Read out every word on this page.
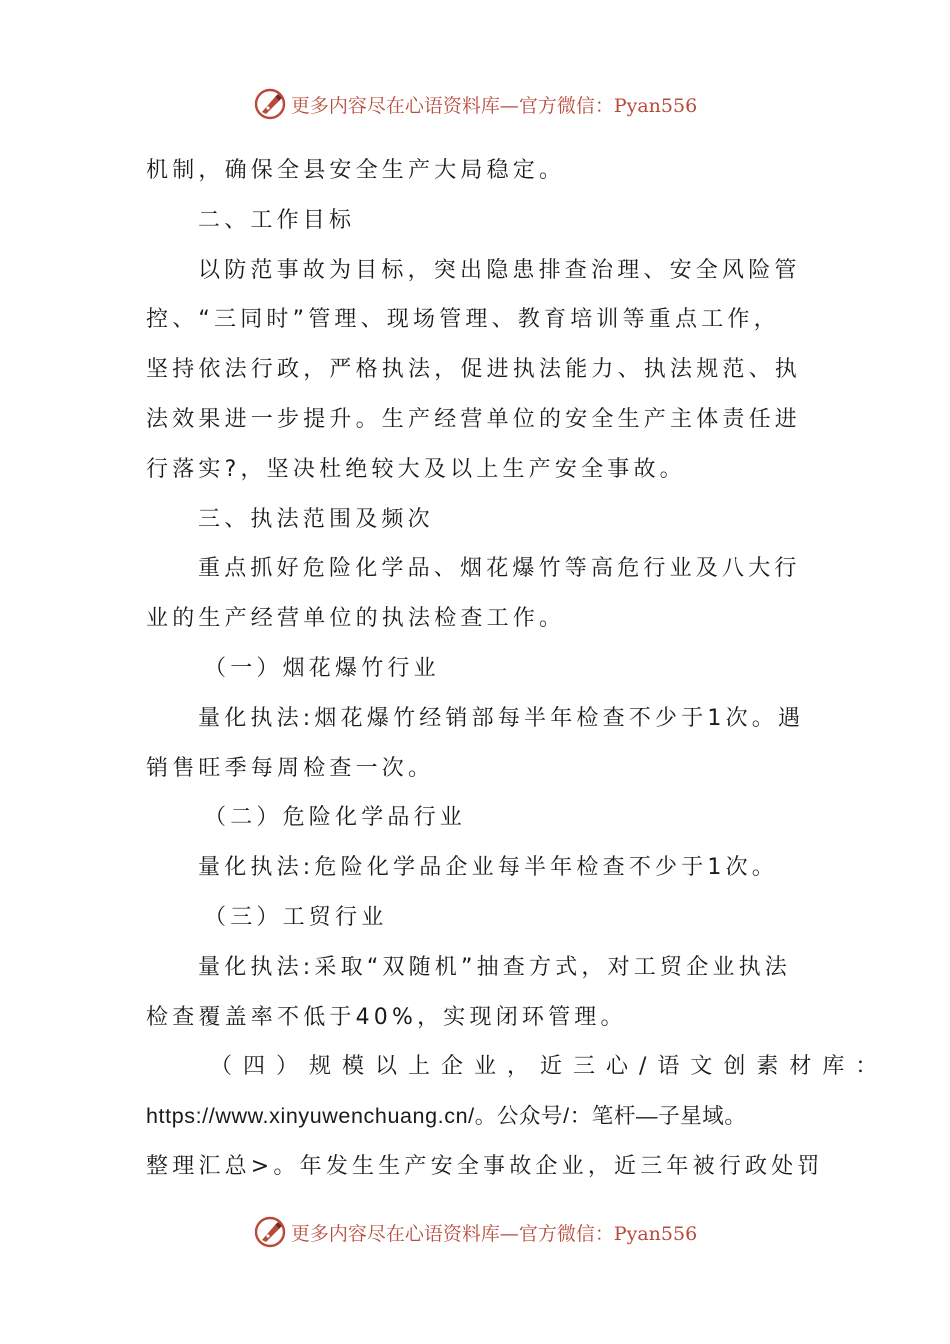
更多内容尽在心语资料库—官方微信：Pyan556
机制，确保全县安全生产大局稳定。
二、工作目标
以防范事故为目标，突出隐患排查治理、安全风险管
控、“三同时”管理、现场管理、教育培训等重点工作，
坚持依法行政，严格执法，促进执法能力、执法规范、执
法效果进一步提升。生产经营单位的安全生产主体责任进
行落实?，坚决杜绝较大及以上生产安全事故。
三、执法范围及频次
重点抓好危险化学品、烟花爆竹等高危行业及八大行
业的生产经营单位的执法检查工作。
（一）烟花爆竹行业
量化执法:烟花爆竹经销部每半年检查不少于1次。遇
销售旺季每周检查一次。
（二）危险化学品行业
量化执法:危险化学品企业每半年检查不少于1次。
（三）工贸行业
量化执法:采取“双随机”抽查方式，对工贸企业执法
检查覆盖率不低于40%，实现闭环管理。
（四）规模以上企业，近三心/语文创素材库：
https://www.xinyuwenchuang.cn/。公众号/：笔杆—子星域。
整理汇总>。年发生生产安全事故企业，近三年被行政处罚
更多内容尽在心语资料库—官方微信：Pyan556
